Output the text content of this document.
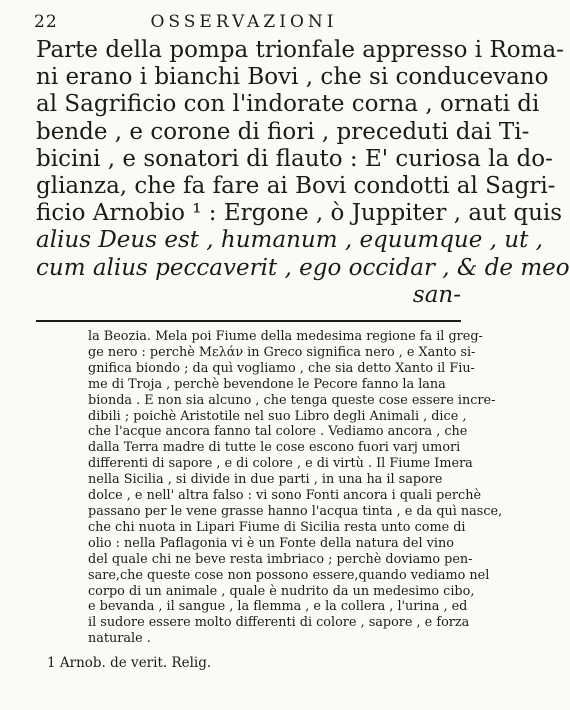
22	OSSERVAZIONI
Parte della pompa trionfale appresso i Roma-
ni erano i bianchi Bovi , che si conducevano
al Sagrificio con l'indorate corna , ornati di
bende , e corone di fiori , preceduti dai Ti-
bicini , e sonatori di flauto : E' curiosa la do-
glianza, che fa fare ai Bovi condotti al Sagri-
ficio Arnobio ¹ : Ergone , ò Juppiter , aut quis
alius Deus est , humanum , equumque , ut ,
cum alius peccaverit , ego occidar , & de meo
san-
la Beozia. Mela poi Fiume della medesima regione fa il greg-
ge nero : perchè Μελάν in Greco significa nero , e Xanto si-
gnifica biondo ; da quì vogliamo , che sia detto Xanto il Fiu-
me di Troja , perchè bevendone le Pecore fanno la lana
bionda . E non sia alcuno , che tenga queste cose essere incre-
dibili ; poichè Aristotile nel suo Libro degli Animali , dice ,
che l'acque ancora fanno tal colore . Vediamo ancora , che
dalla Terra madre di tutte le cose escono fuori varj umori
differenti di sapore , e di colore , e di virtù . Il Fiume Imera
nella Sicilia , si divide in due parti , in una ha il sapore
dolce , e nell' altra falso : vi sono Fonti ancora i quali perchè
passano per le vene grasse hanno l'acqua tinta , e da quì nasce,
che chi nuota in Lipari Fiume di Sicilia resta unto come di
olio : nella Paflagonia vi è un Fonte della natura del vino
del quale chi ne beve resta imbriaco ; perchè doviamo pen-
sare,che queste cose non possono essere,quando vediamo nel
corpo di un animale , quale è nudrito da un medesimo cibo,
e bevanda , il sangue , la flemma , e la collera , l'urina , ed
il sudore essere molto differenti di colore , sapore , e forza
naturale .
1 Arnob. de verit. Relig.
